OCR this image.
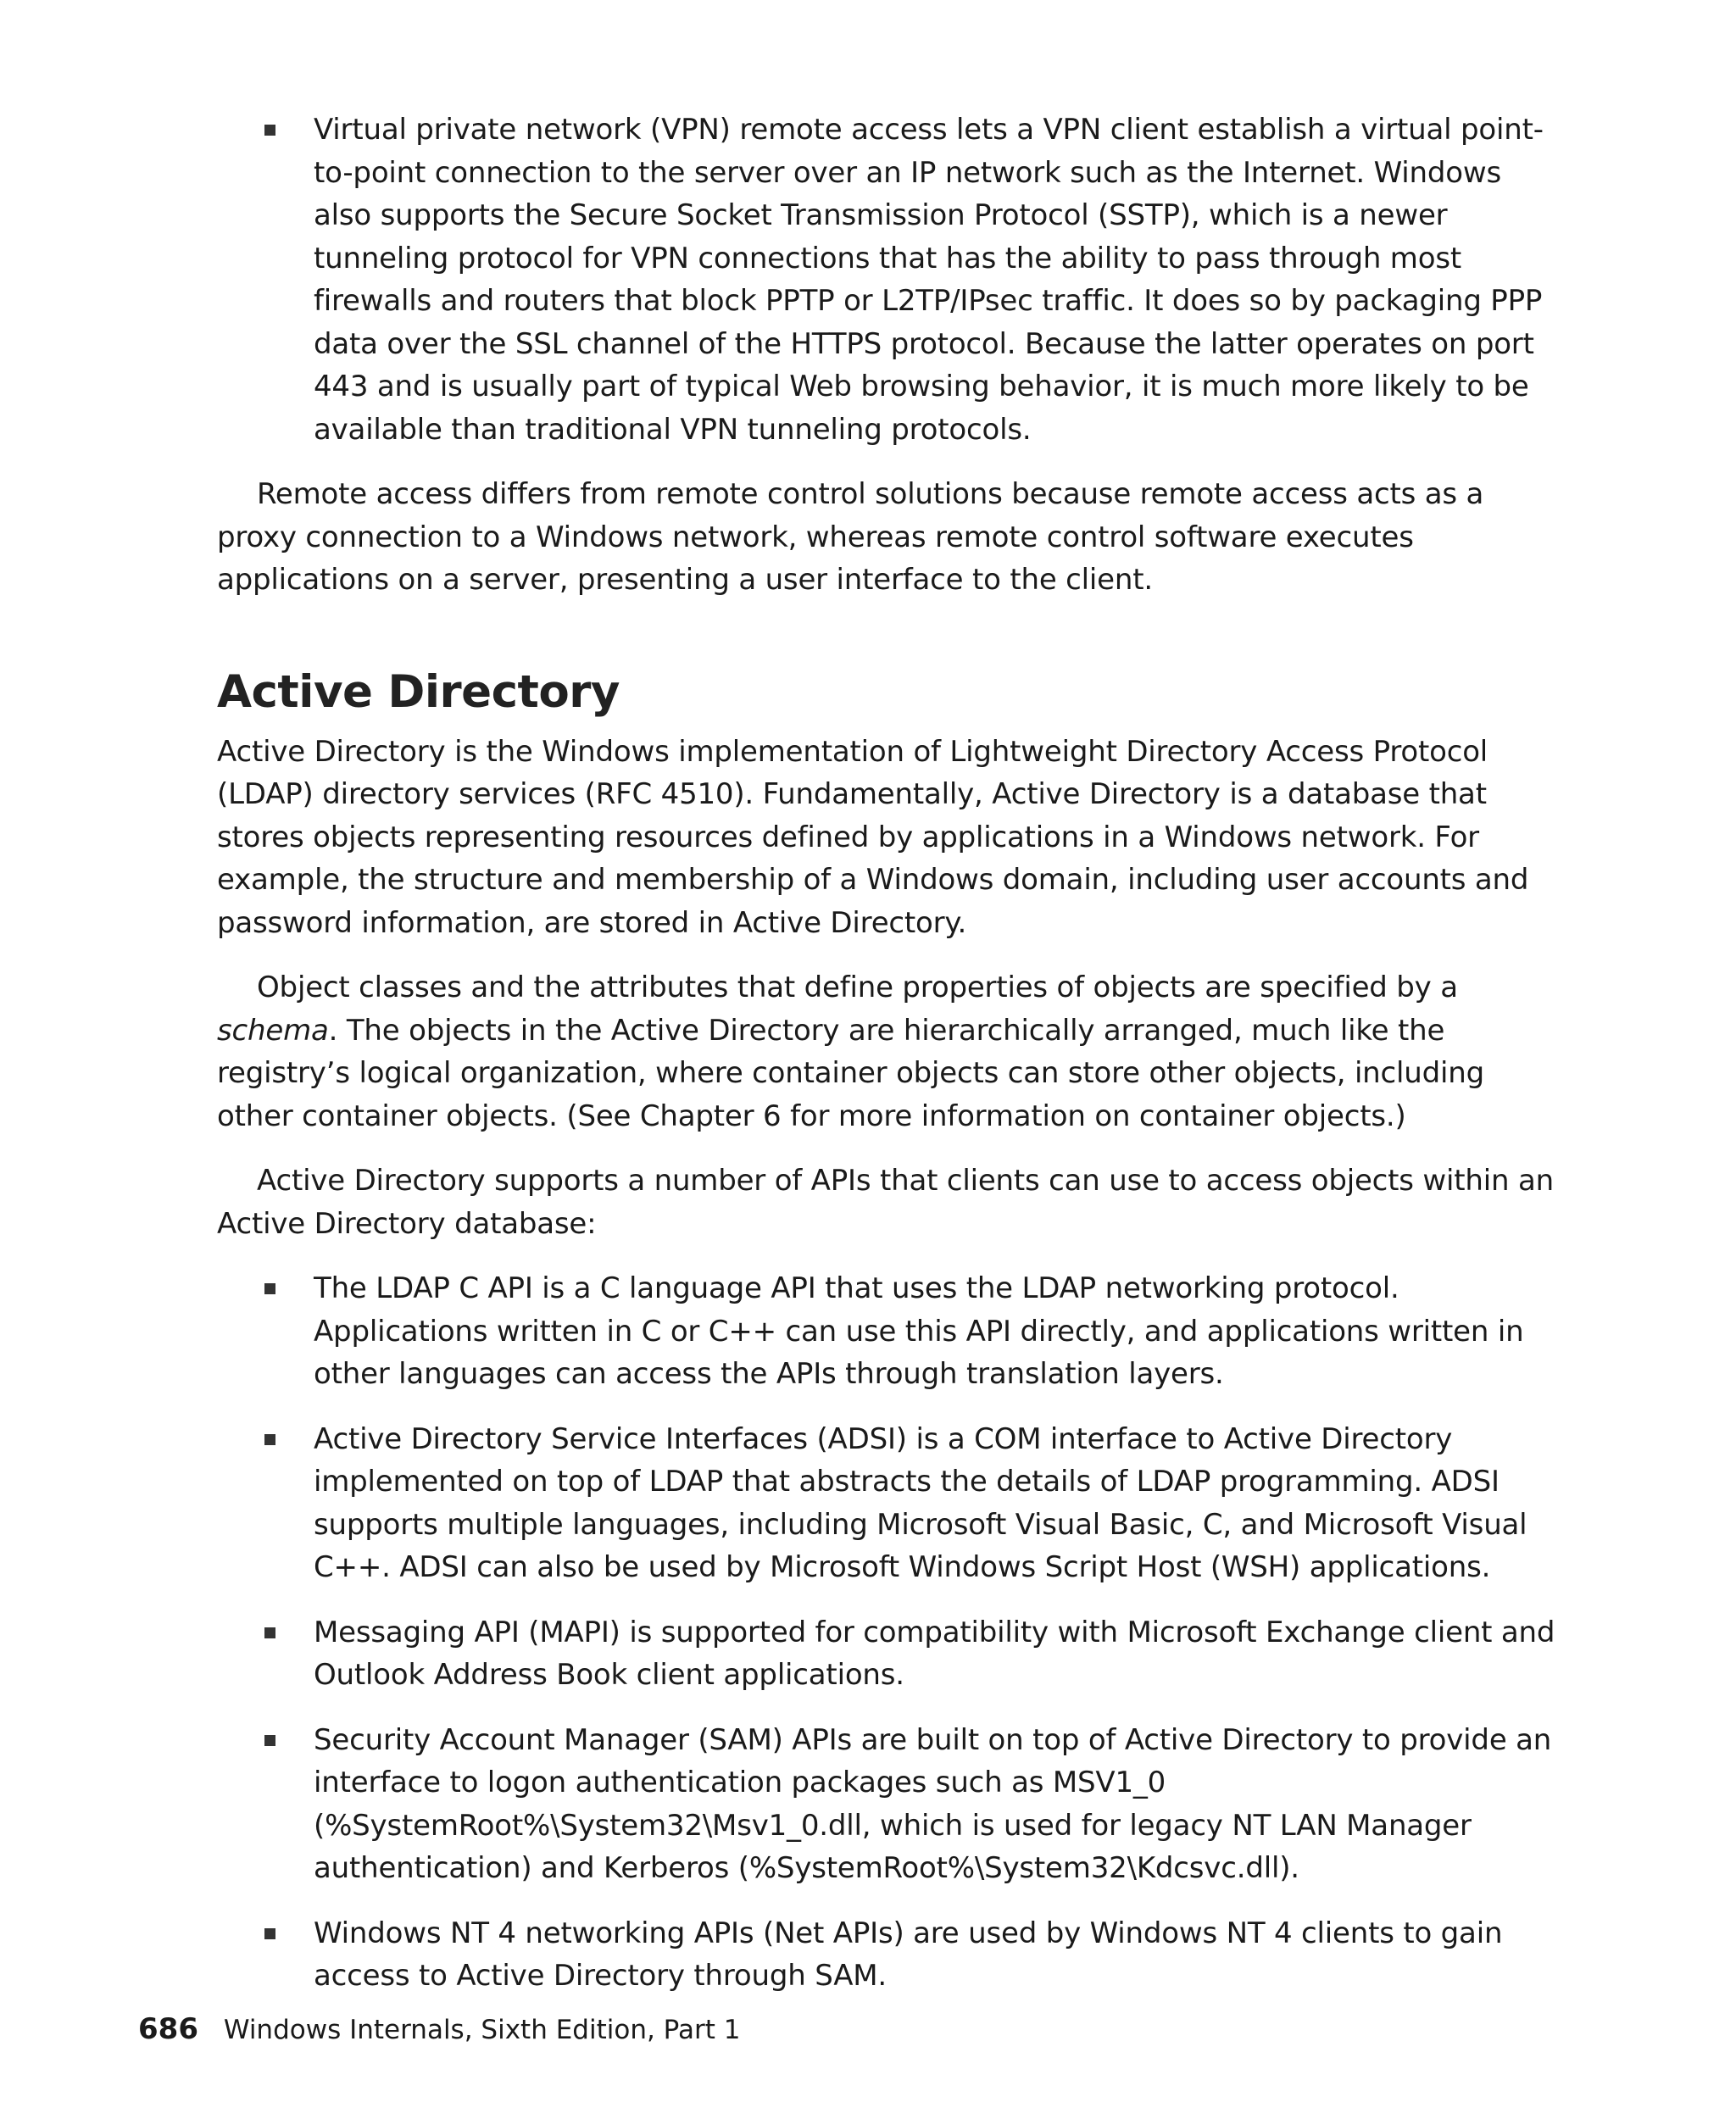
Virtual private network (VPN) remote access lets a VPN client establish a virtual point-to-point connection to the server over an IP network such as the Internet. Windows also supports the Secure Socket Transmission Protocol (SSTP), which is a newer tunneling protocol for VPN connections that has the ability to pass through most firewalls and routers that block PPTP or L2TP/IPsec traffic. It does so by packaging PPP data over the SSL channel of the HTTPS protocol. Because the latter operates on port 443 and is usually part of typical Web browsing behavior, it is much more likely to be available than traditional VPN tunneling protocols.

Remote access differs from remote control solutions because remote access acts as a proxy connection to a Windows network, whereas remote control software executes applications on a server, presenting a user interface to the client.

Active Directory

Active Directory is the Windows implementation of Lightweight Directory Access Protocol (LDAP) directory services (RFC 4510). Fundamentally, Active Directory is a database that stores objects representing resources defined by applications in a Windows network. For example, the structure and membership of a Windows domain, including user accounts and password information, are stored in Active Directory.

Object classes and the attributes that define properties of objects are specified by a schema. The objects in the Active Directory are hierarchically arranged, much like the registry’s logical organization, where container objects can store other objects, including other container objects. (See Chapter 6 for more information on container objects.)

Active Directory supports a number of APIs that clients can use to access objects within an Active Directory database:

The LDAP C API is a C language API that uses the LDAP networking protocol. Applications written in C or C++ can use this API directly, and applications written in other languages can access the APIs through translation layers.
Active Directory Service Interfaces (ADSI) is a COM interface to Active Directory implemented on top of LDAP that abstracts the details of LDAP programming. ADSI supports multiple languages, including Microsoft Visual Basic, C, and Microsoft Visual C++. ADSI can also be used by Microsoft Windows Script Host (WSH) applications.
Messaging API (MAPI) is supported for compatibility with Microsoft Exchange client and Outlook Address Book client applications.
Security Account Manager (SAM) APIs are built on top of Active Directory to provide an interface to logon authentication packages such as MSV1_0 (%SystemRoot%\System32\Msv1_0.dll, which is used for legacy NT LAN Manager authentication) and Kerberos (%SystemRoot%\System32\Kdcsvc.dll).
Windows NT 4 networking APIs (Net APIs) are used by Windows NT 4 clients to gain access to Active Directory through SAM.
686 Windows Internals, Sixth Edition, Part 1
